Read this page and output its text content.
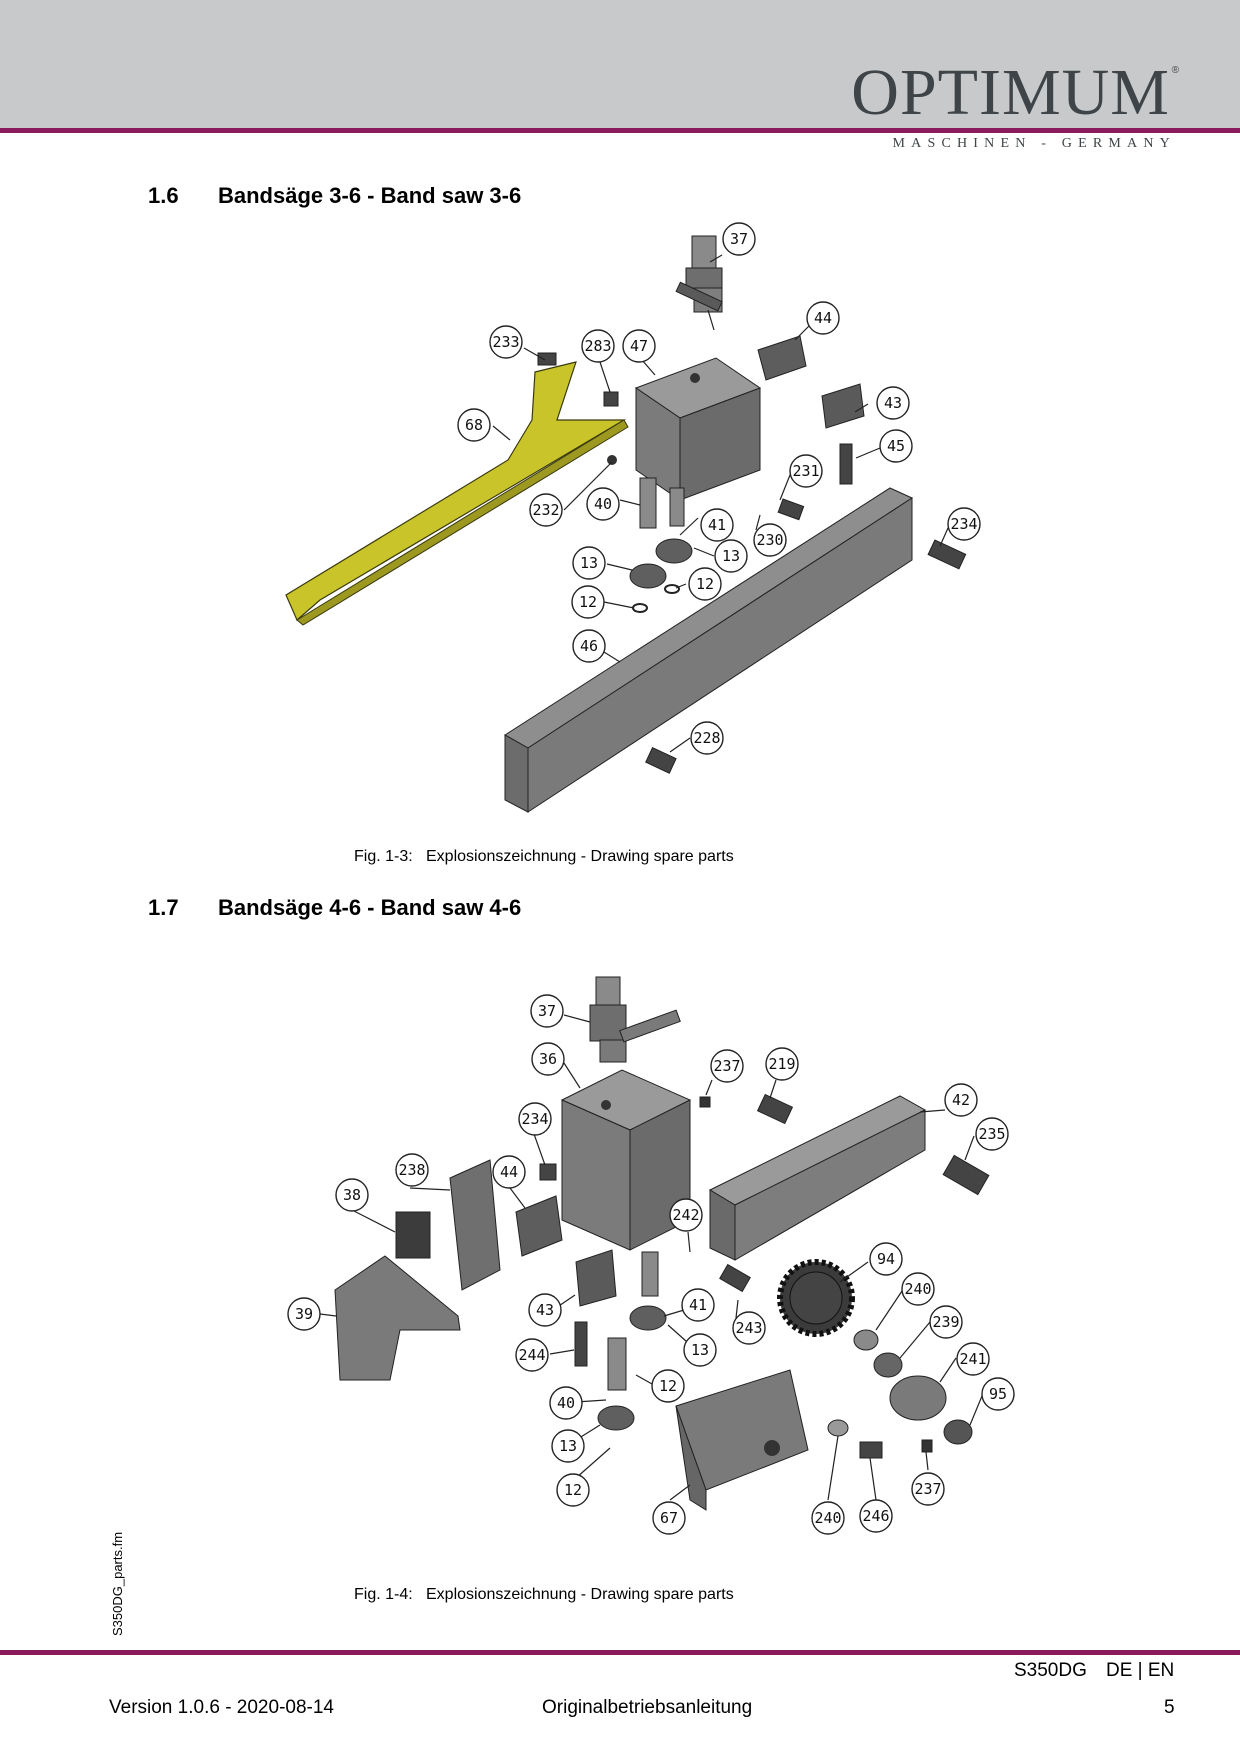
OPTIMUM ®
MASCHINEN - GERMANY
1.6 Bandsäge 3-6 - Band saw 3-6
37
44
233	283 47
43
68
45
231
234
232 40
41
230
13	13
12
12
46
228
Fig. 1-3: Explosionszeichnung - Drawing spare parts
1.7 Bandsäge 4-6 - Band saw 4-6
37
36	237 219
42
234
235
238	44
38
242
94
240
39	43	41
243	239
244	13	241
12	95
40
13
237
12
67	240 246
Fig. 1-4: Explosionszeichnung - Drawing spare parts
S350DG_parts.fm
S350DG DE | EN
Version 1.0.6 - 2020-08-14	Originalbetriebsanleitung	5
